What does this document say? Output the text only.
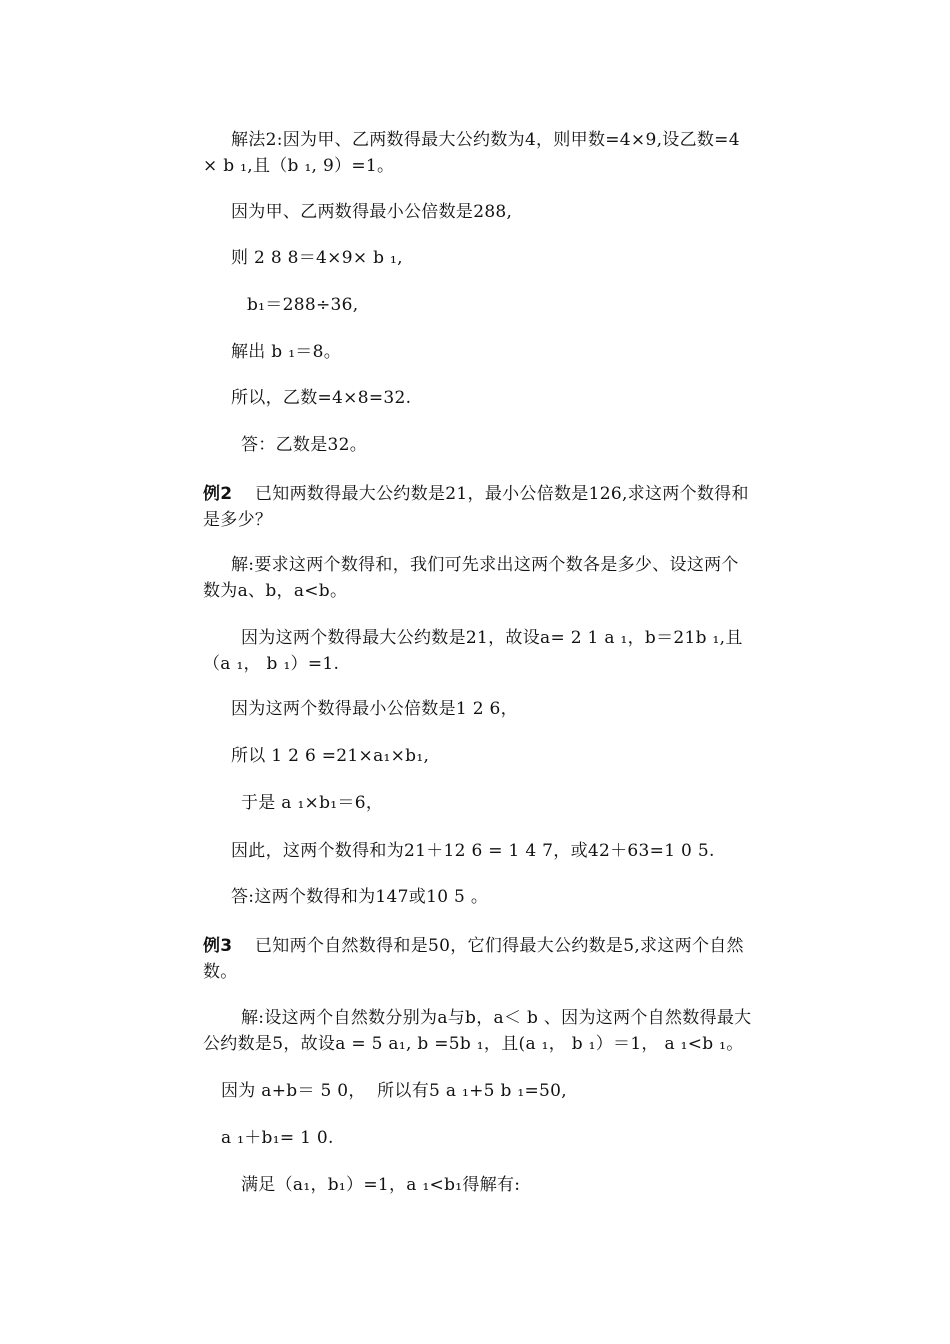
解法2:因为甲、乙两数得最大公约数为4，则甲数=4×9,设乙数=4
× b ₁,且（b ₁, 9）=1。
因为甲、乙两数得最小公倍数是288,
则 2 8 8＝4×9× b ₁,
b₁＝288÷36,
解出 b ₁＝8。
所以，乙数=4×8=32.
答：乙数是32。
例2 已知两数得最大公约数是21，最小公倍数是126,求这两个数得和
是多少？
解:要求这两个数得和，我们可先求出这两个数各是多少、设这两个
数为a、b，a<b。
因为这两个数得最大公约数是21，故设a= 2 1 a ₁，b＝21b ₁,且
（a ₁， b ₁）=1.
因为这两个数得最小公倍数是1 2 6，
所以 1 2 6 =21×a₁×b₁,
于是 a ₁×b₁＝6，
因此，这两个数得和为21＋12 6 = 1 4 7，或42＋63=1 0 5.
答:这两个数得和为147或10 5 。
例3 已知两个自然数得和是50，它们得最大公约数是5,求这两个自然
数。
解:设这两个自然数分别为a与b，a＜ b 、因为这两个自然数得最大
公约数是5，故设a = 5 a₁, b =5b ₁，且(a ₁， b ₁）＝1， a ₁<b ₁。
因为 a+b＝ 5 0，  所以有5 a ₁+5 b ₁=50,
a ₁＋b₁= 1 0.
满足（a₁，b₁）=1，a ₁<b₁得解有:
